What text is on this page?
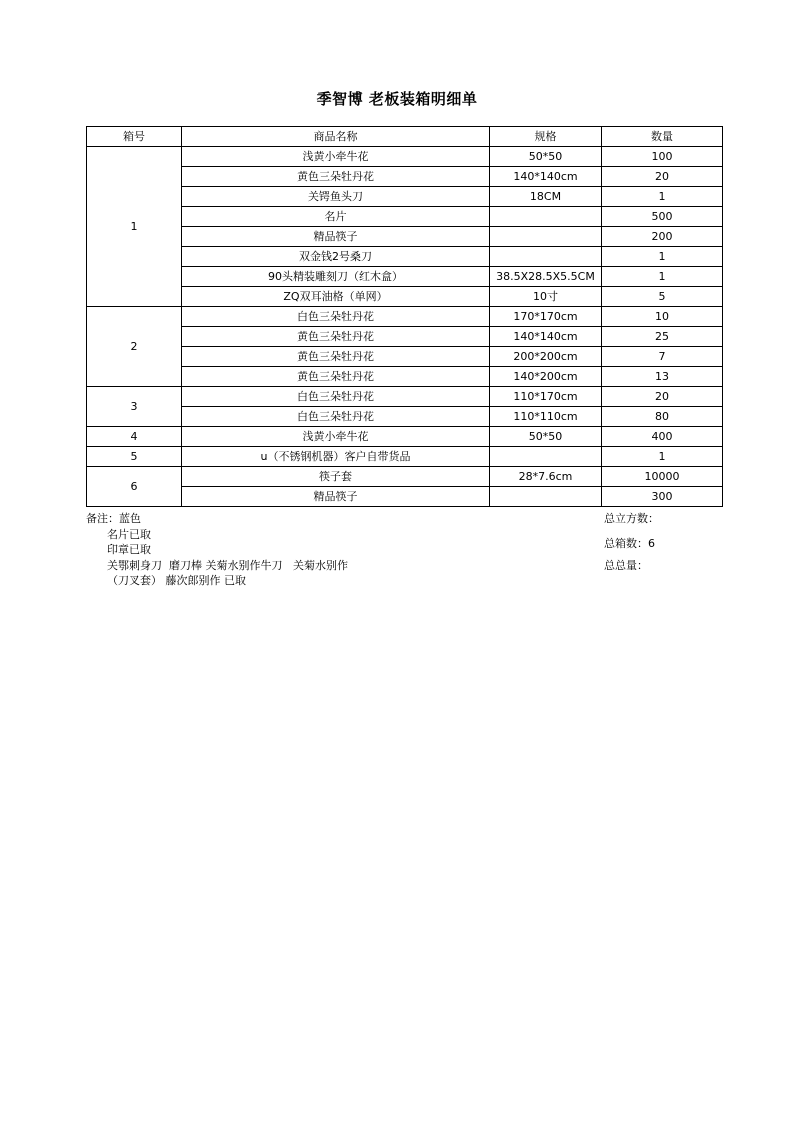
季智博 老板装箱明细单
箱号	商品名称	规格	数量
1	浅黄小牵牛花	50*50	100
	黄色三朵牡丹花	140*140cm	20
	关锷鱼头刀	18CM	1
	名片		500
	精品筷子		200
	双金钱2号桑刀		1
	90头精装雕刻刀（红木盒）	38.5X28.5X5.5CM	1
	ZQ双耳油格（单网）	10寸	5
2	白色三朵牡丹花	170*170cm	10
	黄色三朵牡丹花	140*140cm	25
	黄色三朵牡丹花	200*200cm	7
	黄色三朵牡丹花	140*200cm	13
3	白色三朵牡丹花	110*170cm	20
	白色三朵牡丹花	110*110cm	80
4	浅黄小牵牛花	50*50	400
5	u（不锈钢机器）客户自带货品		1
6	筷子套	28*7.6cm	10000
	精品筷子		300
备注：蓝色
名片已取
印章已取
关鄂刺身刀  磨刀棒 关菊水别作牛刀   关菊水别作
（刀叉套） 藤次郎别作 已取
总立方数：
总箱数：6
总总量：
